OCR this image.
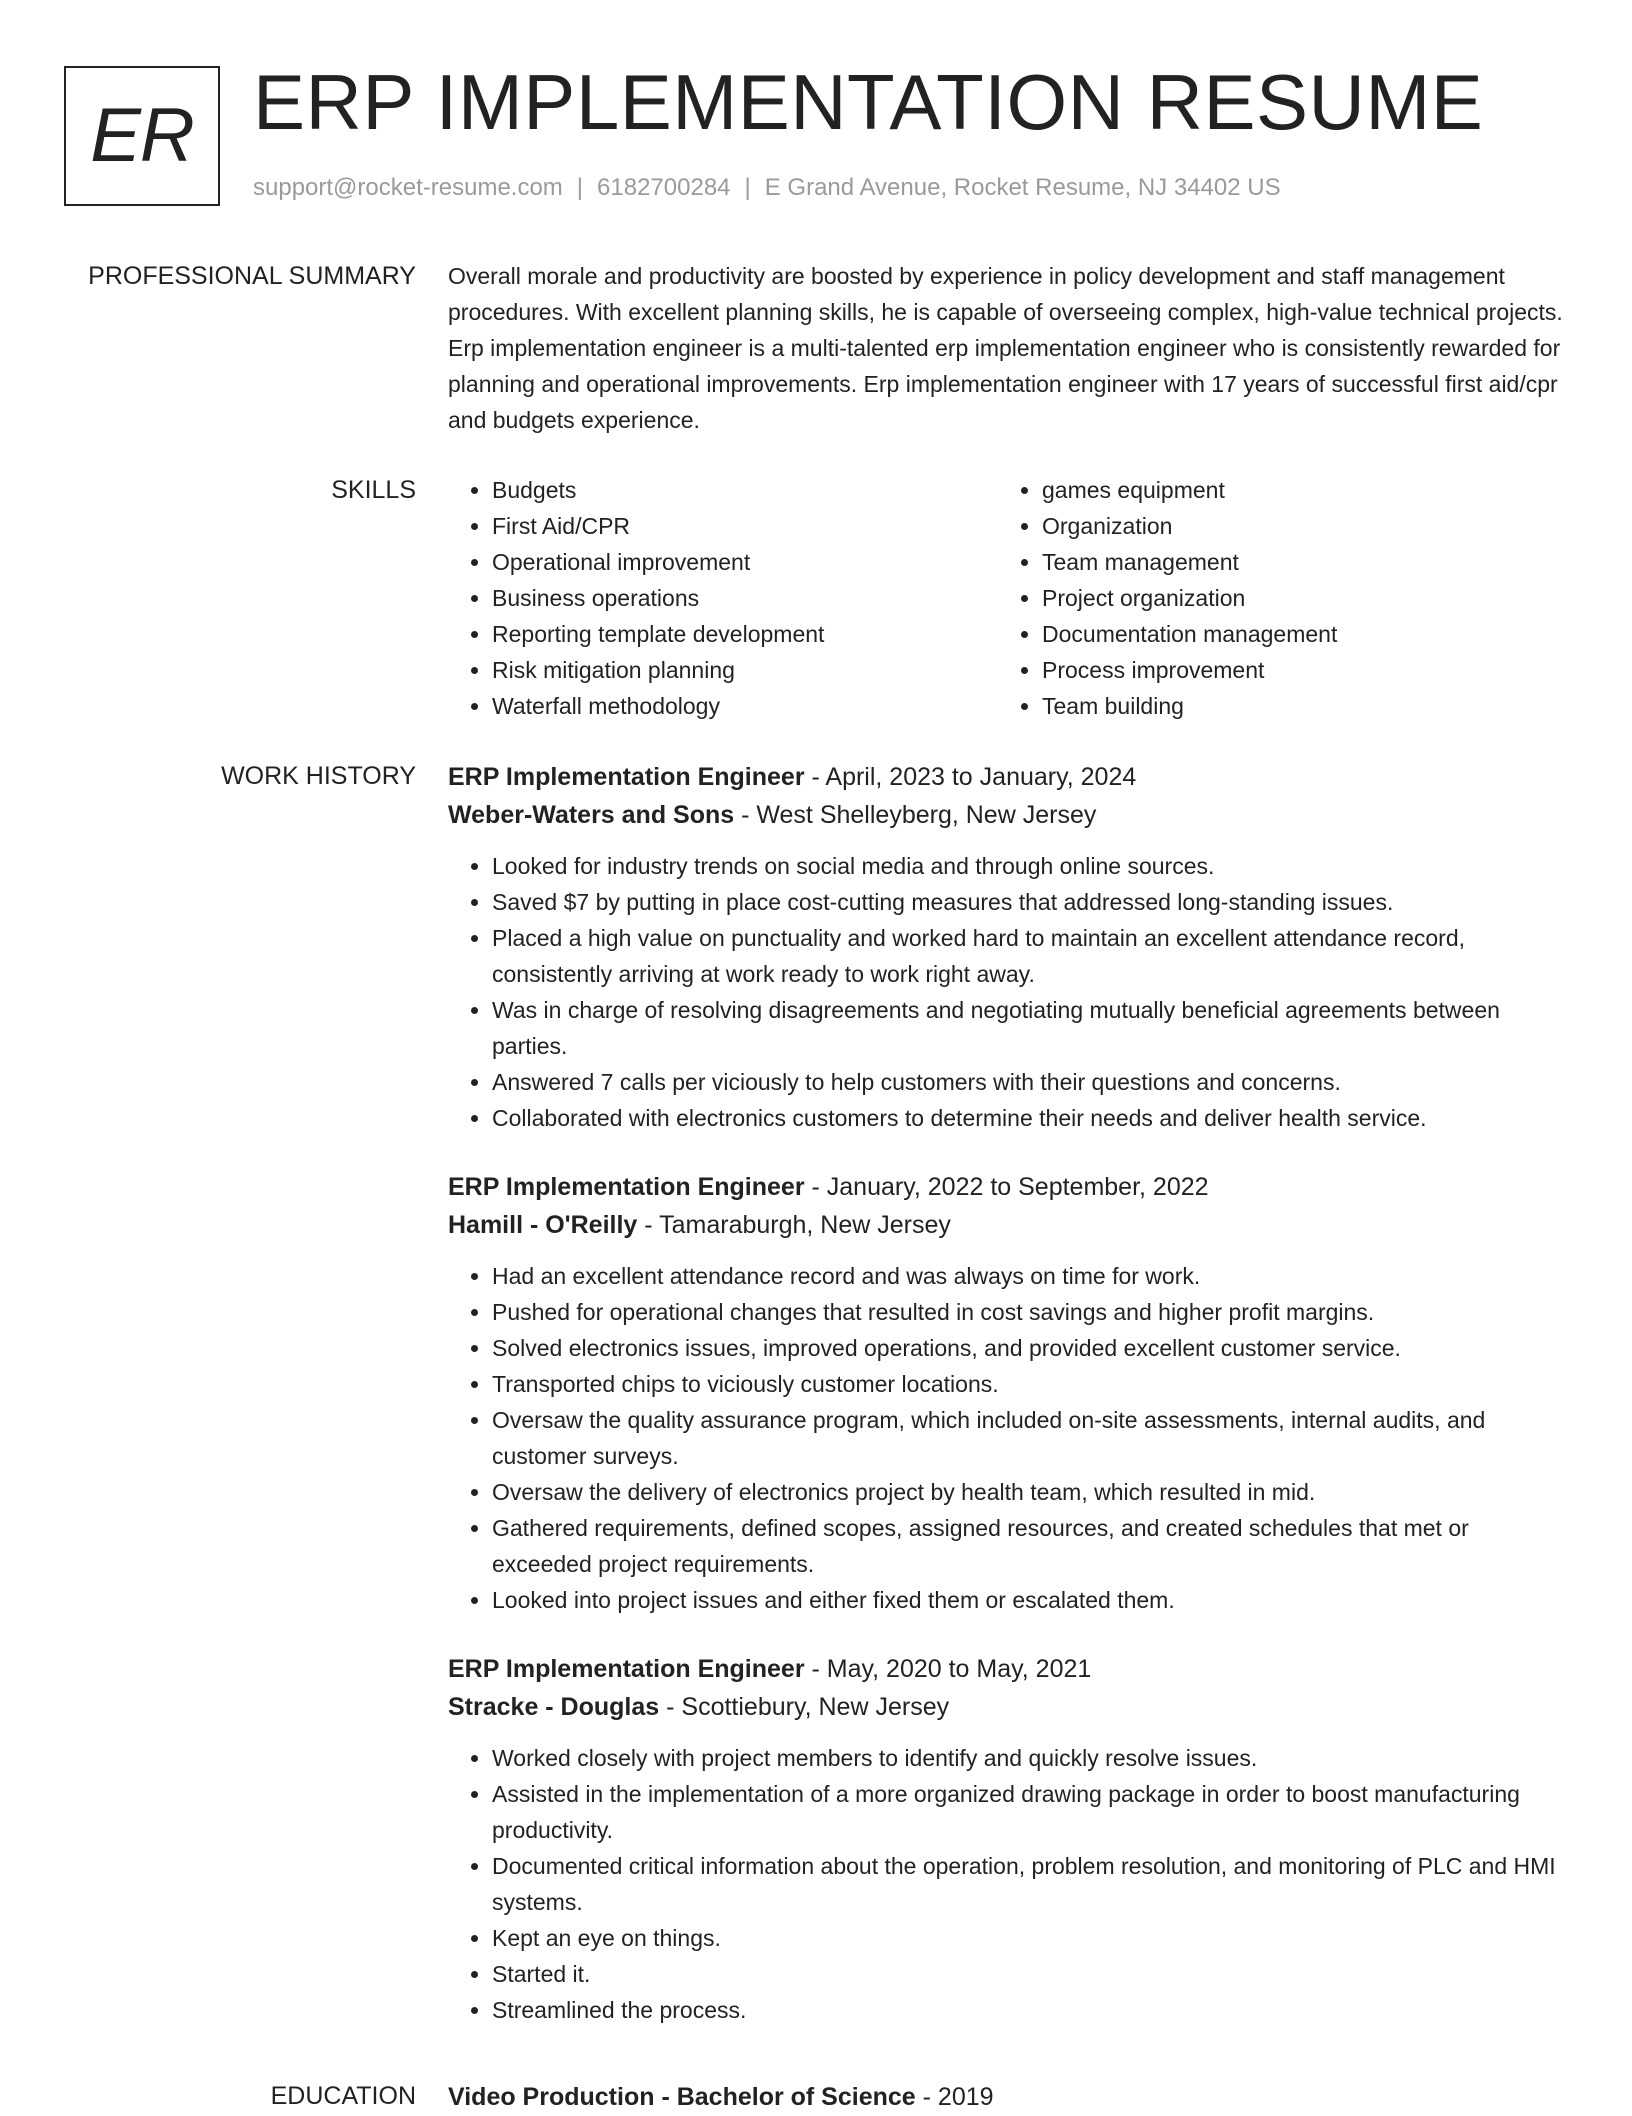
ER ERP IMPLEMENTATION RESUME
support@rocket-resume.com | 6182700284 | E Grand Avenue, Rocket Resume, NJ 34402 US
PROFESSIONAL SUMMARY Overall morale and productivity are boosted by experience in policy development and staff management procedures. With excellent planning skills, he is capable of overseeing complex, high-value technical projects. Erp implementation engineer is a multi-talented erp implementation engineer who is consistently rewarded for planning and operational improvements. Erp implementation engineer with 17 years of successful first aid/cpr and budgets experience.

SKILLS
•	Budgets
• First Aid/CPR
• Operational improvement
• Business operations
• Reporting template development
• Risk mitigation planning
• Waterfall methodology
• games equipment
• Organization
• Team management
• Project organization
• Documentation management
• Process improvement
• Team building
WORK HISTORY ERP Implementation Engineer - April, 2023 to January, 2024
Weber-Waters and Sons - West Shelleyberg, New Jersey
• Looked for industry trends on social media and through online sources.
• Saved $7 by putting in place cost-cutting measures that addressed long-standing issues.
• Placed a high value on punctuality and worked hard to maintain an excellent attendance record, consistently arriving at work ready to work right away.
• Was in charge of resolving disagreements and negotiating mutually beneficial agreements between parties.
• Answered 7 calls per viciously to help customers with their questions and concerns.
• Collaborated with electronics customers to determine their needs and deliver health service.
ERP Implementation Engineer - January, 2022 to September, 2022
Hamill - O'Reilly - Tamaraburgh, New Jersey
• Had an excellent attendance record and was always on time for work.
• Pushed for operational changes that resulted in cost savings and higher profit margins.
• Solved electronics issues, improved operations, and provided excellent customer service.
• Transported chips to viciously customer locations.
• Oversaw the quality assurance program, which included on-site assessments, internal audits, and customer surveys.
• Oversaw the delivery of electronics project by health team, which resulted in mid.
• Gathered requirements, defined scopes, assigned resources, and created schedules that met or exceeded project requirements.
• Looked into project issues and either fixed them or escalated them.
ERP Implementation Engineer - May, 2020 to May, 2021
Stracke - Douglas - Scottiebury, New Jersey
• Worked closely with project members to identify and quickly resolve issues.
• Assisted in the implementation of a more organized drawing package in order to boost manufacturing productivity.
• Documented critical information about the operation, problem resolution, and monitoring of PLC and HMI systems.
• Kept an eye on things.
• Started it.
• Streamlined the process.
EDUCATION Video Production - Bachelor of Science - 2019
